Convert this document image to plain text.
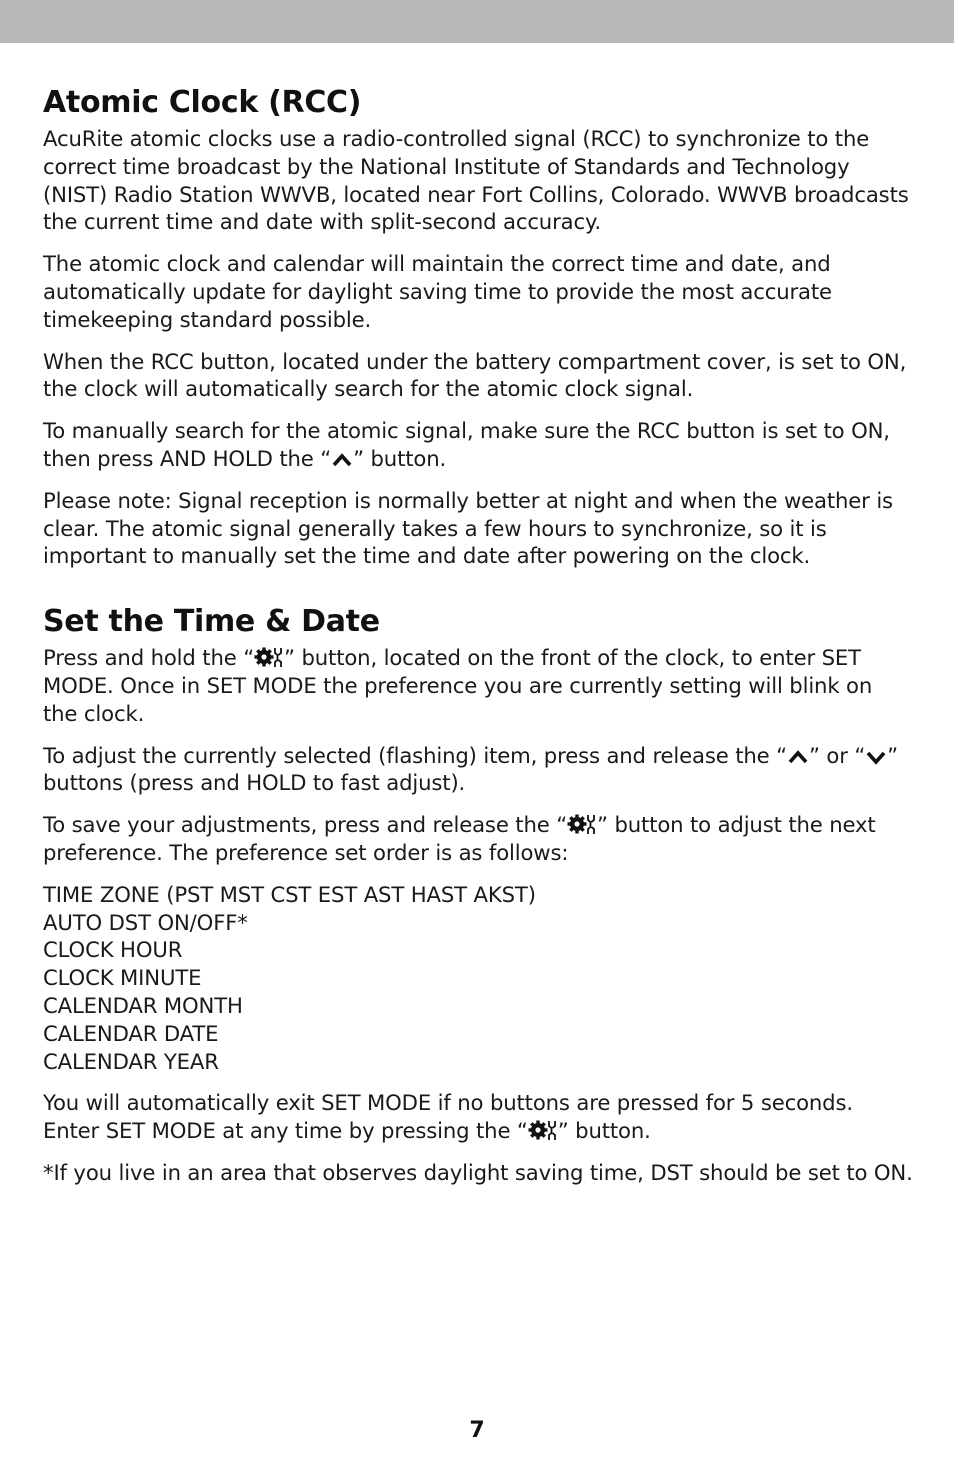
Atomic Clock (RCC)

AcuRite atomic clocks use a radio-controlled signal (RCC) to synchronize to the correct time broadcast by the National Institute of Standards and Technology (NIST) Radio Station WWVB, located near Fort Collins, Colorado. WWVB broadcasts the current time and date with split-second accuracy.

The atomic clock and calendar will maintain the correct time and date, and automatically update for daylight saving time to provide the most accurate timekeeping standard possible.

When the RCC button, located under the battery compartment cover, is set to ON, the clock will automatically search for the atomic clock signal.

To manually search for the atomic signal, make sure the RCC button is set to ON, then press AND HOLD the “ ” button.

Please note: Signal reception is normally better at night and when the weather is clear. The atomic signal generally takes a few hours to synchronize, so it is important to manually set the time and date after powering on the clock.

Set the Time & Date

Press and hold the “ ” button, located on the front of the clock, to enter SET MODE. Once in SET MODE the preference you are currently setting will blink on the clock.

To adjust the currently selected (flashing) item, press and release the “ ” or “ ” buttons (press and HOLD to fast adjust).

To save your adjustments, press and release the “ ” button to adjust the next preference. The preference set order is as follows:

TIME ZONE (PST MST CST EST AST HAST AKST)
AUTO DST ON/OFF*
CLOCK HOUR
CLOCK MINUTE
CALENDAR MONTH
CALENDAR DATE
CALENDAR YEAR

You will automatically exit SET MODE if no buttons are pressed for 5 seconds. Enter SET MODE at any time by pressing the “ ” button.

*If you live in an area that observes daylight saving time, DST should be set to ON.

7
